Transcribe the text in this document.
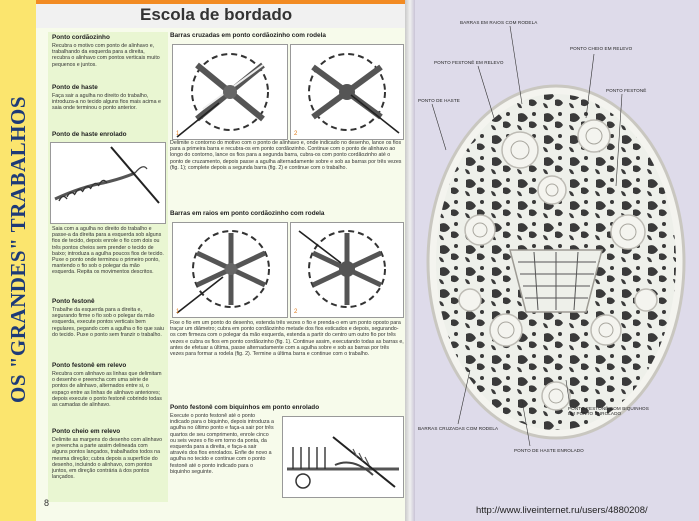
OS "GRANDES" TRABALHOS
Escola de bordado
Ponto cordãozinho
Recubra o motivo com ponto de alinhavo e, trabalhando da esquerda para a direita, recubra o alinhavo com pontos verticais muito pequenos e juntos.
Ponto de haste
Faça sair a agulha no direito do trabalho, introduza-a no tecido alguns fios mais acima e saia onde terminou o ponto anterior.
Ponto de haste enrolado
Saia com a agulha no direito do trabalho e passe-a da direita para a esquerda sob alguns fios de tecido, depois enrole o fio com dois ou três pontos cheios sem prender o tecido de baixo; introduza a agulha poucos fios de tecido. Puxe o ponto onde terminou o primeiro ponto, mantendo o fio sob o polegar da mão esquerda. Repita os movimentos descritos.
Ponto festonê
Trabalhe da esquerda para a direita e, segurando firme o fio sob o polegar da mão esquerda, execute pontos verticais bem regulares, pegando com a agulha o fio que saiu do tecido. Puxe o ponto sem franzir o trabalho.
Ponto festonê em relevo
Recubra com alinhavo as linhas que delimitam o desenho e preencha com uma série de pontos de alinhavo, alternados entre si, o espaço entre as linhas de alinhavo anteriores; depois execute o ponto festonê cobrindo todas as camadas de alinhavo.
Ponto cheio em relevo
Delimite as margens do desenho com alinhavo e preencha a parte assim delineada com alguns pontos lançados, trabalhados todos na mesma direção; cubra depois a superfície do desenho, incluindo o alinhavo, com pontos juntos, em direção contrária à dos pontos lançados.
Barras cruzadas em ponto cordãozinho com rodela
1	2
Delimite o contorno do motivo com o ponto de alinhavo e, onde indicado no desenho, lance os fios para a primeira barra e recubra-os em ponto cordãozinho. Continue com o ponto de alinhavo ao longo do contorno, lance os fios para a segunda barra, cubra-os com ponto cordãozinho até o ponto de cruzamento, depois passe a agulha alternadamente sobre e sob as barras por três vezes (fig. 1); complete depois a segunda barra (fig. 2) e continue com o trabalho.
Barras em raios em ponto cordãozinho com rodela
1	2
Fixe o fio em um ponto do desenho, estenda três vezes o fio e prenda-o em um ponto oposto para traçar um diâmetro; cubra em ponto cordãozinho metade dos fios esticados e depois, segurando-os com firmeza com o polegar da mão esquerda, estenda a partir do centro um outro fio por três vezes e cubra os fios em ponto cordãozinho (fig. 1). Continue assim, executando todas as barras e, antes de efetuar a última, passe alternadamente com a agulha sobre e sob as barras por três vezes para formar a rodela (fig. 2). Termine a última barra e continue com o trabalho.
Ponto festonê com biquinhos em ponto enrolado
Execute o ponto festonê até o ponto indicado para o biquinho, depois introduza a agulha no último ponto e faça-a sair por três quartos de seu comprimento, enrole cinco ou seis vezes o fio em torno da ponta, da esquerda para a direita, e faça-a sair através dos fios enrolados. Enfie de novo a agulha no tecido e continue com o ponto festonê até o ponto indicado para o biquinho seguinte.
8
BARRAS EM RAIOS COM RODELA
PONTO CHEIO EM RELEVO
PONTO FESTONÊ EM RELEVO
PONTO FESTONÊ
PONTO DE HASTE
PONTO FESTONÊ COM BIQUINHOS
EM PONTO ENROLADO
BARRAS CRUZADAS COM RODELA
PONTO DE HASTE ENROLADO
http://www.liveinternet.ru/users/4880208/
